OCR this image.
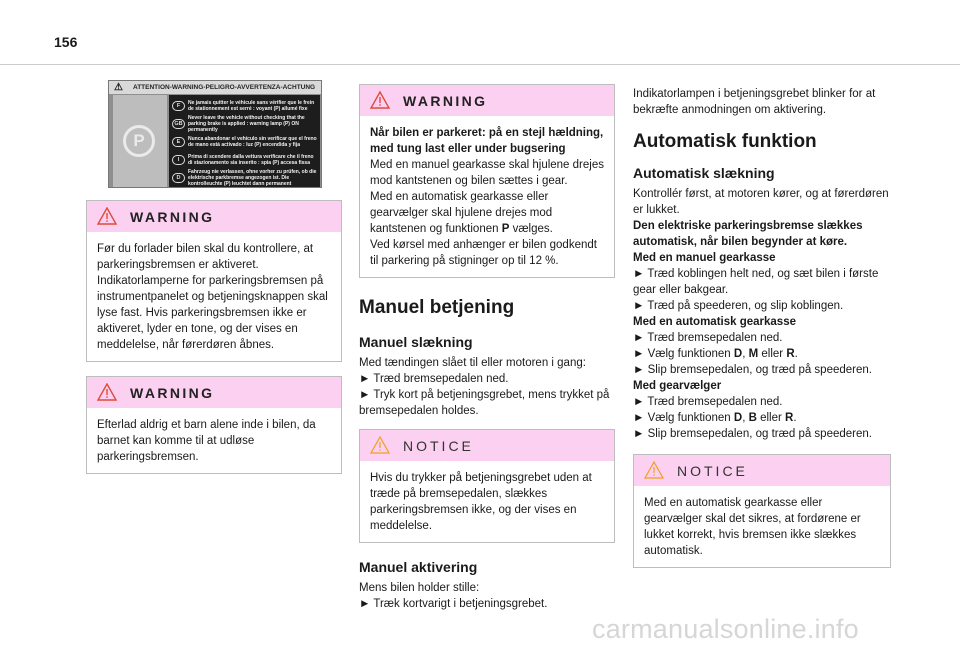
156
⚠ ATTENTION-WARNING-PELIGRO-AVVERTENZA-ACHTUNG
P
F	Ne jamais quitter le véhicule sans vérifier que le frein de stationnement est serré : voyant (P) allumé fixe
GB
Never leave the vehicle without checking that the parking brake is applied : warning lamp (P) ON permanently
E	Nunca abandonar el vehículo sin verificar que el freno de mano está activado : luz (P) encendida y fija
I	Prima di scendere dalla vettura verificare che il freno di stazionamento sia inserito : spia (P) accesa fissa
D
Fahrzeug nie verlassen, ohne vorher zu prüfen, ob die elektrische parkbremse angezogen ist. Die kontrolleuchte (P) leuchtet dann permanent
WARNING
Før du forlader bilen skal du kontrollere, at parkeringsbremsen er aktiveret. Indikatorlamperne for parkeringsbremsen på instrumentpanelet og betjeningsknappen skal lyse fast. Hvis parkeringsbremsen ikke er aktiveret, lyder en tone, og der vises en meddelelse, når førerdøren åbnes.
WARNING
Efterlad aldrig et barn alene inde i bilen, da barnet kan komme til at udløse parkeringsbremsen.
WARNING

Når bilen er parkeret: på en stejl hældning, med tung last eller under bugsering

Med en manuel gearkasse skal hjulene drejes mod kantstenen og bilen sættes i gear.

Med en automatisk gearkasse eller gearvælger skal hjulene drejes mod kantstenen og funktionen P vælges.

Ved kørsel med anhænger er bilen godkendt til parkering på stigninger op til 12 %.

Manuel betjening
Manuel slækning
Med tændingen slået til eller motoren i gang:
► Træd bremsepedalen ned.
► Tryk kort på betjeningsgrebet, mens trykket på bremsepedalen holdes.
NOTICE
Hvis du trykker på betjeningsgrebet uden at træde på bremsepedalen, slækkes parkeringsbremsen ikke, og der vises en meddelelse.
Manuel aktivering
Mens bilen holder stille:
► Træk kortvarigt i betjeningsgrebet.
Indikatorlampen i betjeningsgrebet blinker for at bekræfte anmodningen om aktivering.
Automatisk funktion
Automatisk slækning
Kontrollér først, at motoren kører, og at førerdøren er lukket.
Den elektriske parkeringsbremse slækkes automatisk, når bilen begynder at køre.
Med en manuel gearkasse
► Træd koblingen helt ned, og sæt bilen i første gear eller bakgear.
► Træd på speederen, og slip koblingen.
Med en automatisk gearkasse
► Træd bremsepedalen ned.
► Vælg funktionen D, M eller R.
► Slip bremsepedalen, og træd på speederen.
Med gearvælger
► Træd bremsepedalen ned.
► Vælg funktionen D, B eller R.
► Slip bremsepedalen, og træd på speederen.
NOTICE
Med en automatisk gearkasse eller gearvælger skal det sikres, at fordørene er lukket korrekt, hvis bremsen ikke slækkes automatisk.
carmanualsonline.info
